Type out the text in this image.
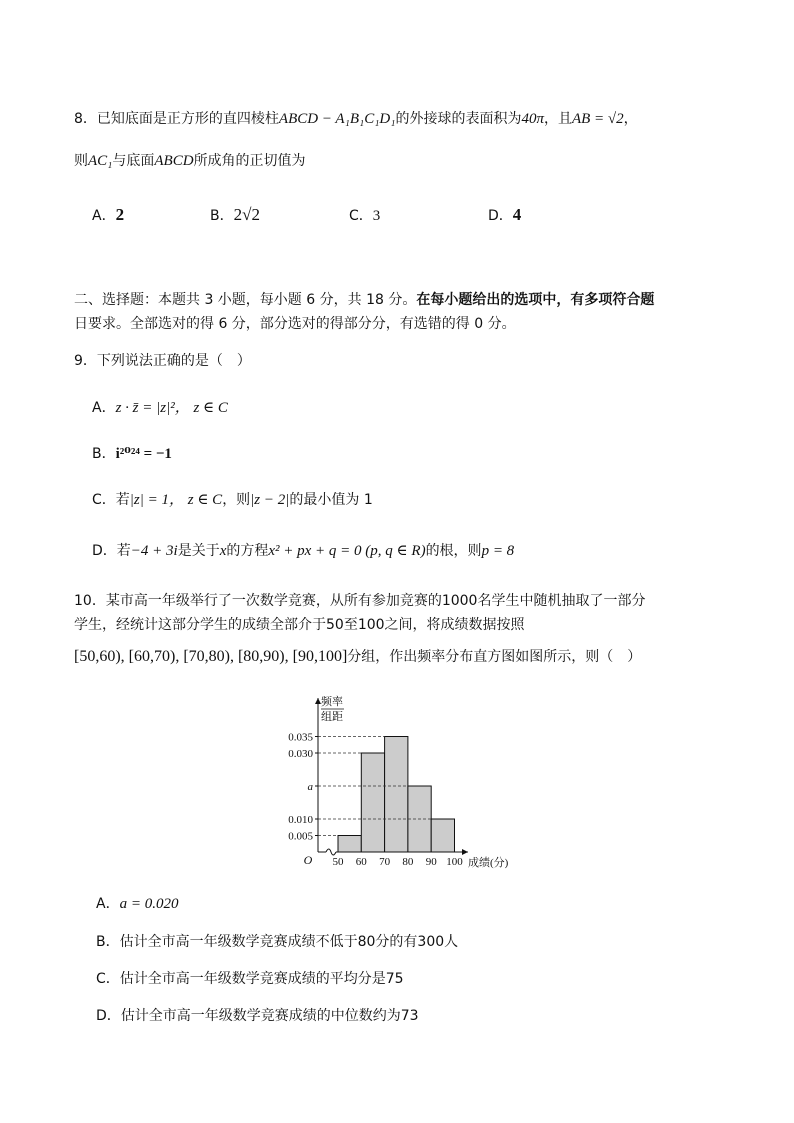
8．已知底面是正方形的直四棱柱ABCD − A₁B₁C₁D₁的外接球的表面积为40π，且AB = √2，
则AC₁与底面ABCD所成角的正切值为
A．2	B．2√2	C．3	D．4
二、选择题：本题共 3 小题，每小题 6 分，共 18 分。在每小题给出的选项中，有多项符合题
日要求。全部选对的得 6 分，部分选对的得部分分，有选错的得 0 分。
9．下列说法正确的是（　）
A．z · z̄ = |z|²， z ∈ C
B．i²⁰²⁴ = −1
C．若|z| = 1， z ∈ C，则|z − 2|的最小值为 1
D．若−4 + 3i是关于x的方程x² + px + q = 0 (p, q ∈ R)的根，则p = 8
10．某市高一年级举行了一次数学竞赛，从所有参加竞赛的1000名学生中随机抽取了一部分
学生，经统计这部分学生的成绩全部介于50至100之间，将成绩数据按照
[50,60), [60,70), [70,80), [80,90), [90,100]分组，作出频率分布直方图如图所示，则（　）
0.005
0.010
a
0.030
0.035
50 60 70 80 90 100
O	成绩(分)
频率
组距
A．a = 0.020
B．估计全市高一年级数学竞赛成绩不低于80分的有300人
C．估计全市高一年级数学竞赛成绩的平均分是75
D．估计全市高一年级数学竞赛成绩的中位数约为73
